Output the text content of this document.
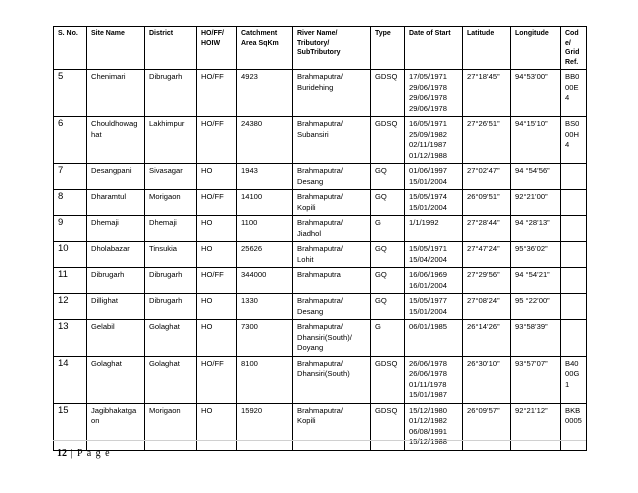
S. No.	Site Name	District	HO/FF/
HOIW	Catchment
Area SqKm	River Name/
Tributory/
SubTributory	Type	Date of Start	Latitude	Longitude	Code/
Grid Ref.
5	Chenimari	Dibrugarh	HO/FF	4923	Brahmaputra/
Buridehing	GDSQ	17/05/1971
29/06/1978
29/06/1978
29/06/1978	27°18’45”	94°53’00”	BB000E4
6	Chouldhowaghat	Lakhimpur	HO/FF	24380	Brahmaputra/
Subansiri	GDSQ	16/05/1971
25/09/1982
02/11/1987
01/12/1988	27°26’51”	94°15’10”	BS000H4
7	Desangpani	Sivasagar	HO	1943	Brahmaputra/
Desang	GQ	01/06/1997
15/01/2004	27°02’47”	94 °54’56”	
8	Dharamtul	Morigaon	HO/FF	14100	Brahmaputra/
Kopili	GQ	15/05/1974
15/01/2004	26°09’51”	92°21’00”	
9	Dhemaji	Dhemaji	HO	1100	Brahmaputra/
Jiadhol	G	1/1/1992	27°28’44”	94 °28’13”	
10	Dholabazar	Tinsukia	HO	25626	Brahmaputra/
Lohit	GQ	15/05/1971
15/04/2004	27°47’24”	95°36’02”	
11	Dibrugarh	Dibrugarh	HO/FF	344000	Brahmaputra	GQ	16/06/1969
16/01/2004	27°29’56”	94 °54’21”	
12	Dillighat	Dibrugarh	HO	1330	Brahmaputra/
Desang	GQ	15/05/1977
15/01/2004	27°08’24”	95 °22’00”	
13	Gelabil	Golaghat	HO	7300	Brahmaputra/
Dhansiri(South)/
Doyang	G	06/01/1985	26°14’26”	93°58’39”	
14	Golaghat	Golaghat	HO/FF	8100	Brahmaputra/
Dhansiri(South)	GDSQ	26/06/1978
26/06/1978
01/11/1978
15/01/1987	26°30’10”	93°57’07”	B4000G1
15	Jagibhakatgaon	Morigaon	HO	15920	Brahmaputra/
Kopili	GDSQ	15/12/1980
01/12/1982
06/08/1991
15/12/1988	26°09’57”	92°21’12”	BKB0005
12 | P a g e
